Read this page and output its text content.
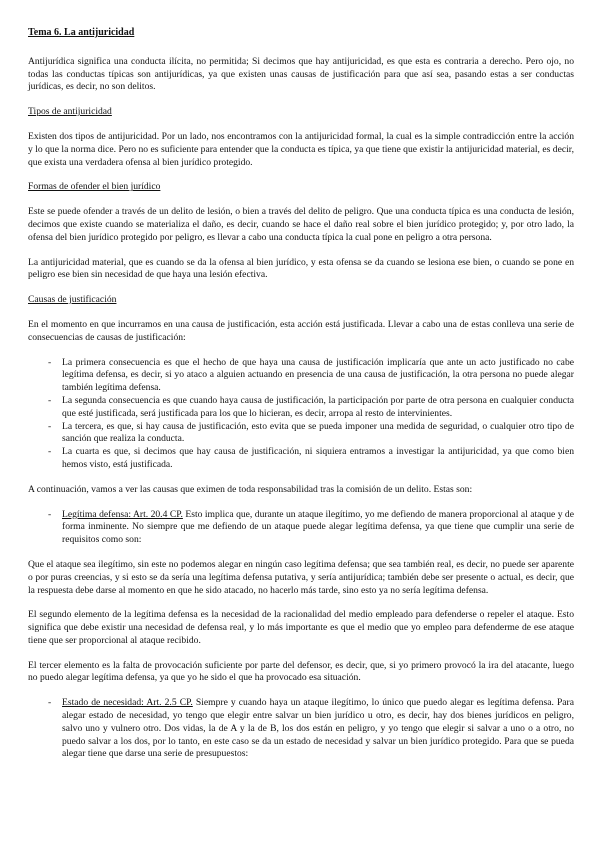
Tema 6. La antijuricidad

Antijurídica significa una conducta ilícita, no permitida; Si decimos que hay antijuricidad, es que esta es contraria a derecho. Pero ojo, no todas las conductas típicas son antijurídicas, ya que existen unas causas de justificación para que así sea, pasando estas a ser conductas jurídicas, es decir, no son delitos.

Tipos de antijuricidad

Existen dos tipos de antijuricidad. Por un lado, nos encontramos con la antijuricidad formal, la cual es la simple contradicción entre la acción y lo que la norma dice. Pero no es suficiente para entender que la conducta es típica, ya que tiene que existir la antijuricidad material, es decir, que exista una verdadera ofensa al bien jurídico protegido.

Formas de ofender el bien jurídico

Este se puede ofender a través de un delito de lesión, o bien a través del delito de peligro. Que una conducta típica es una conducta de lesión, decimos que existe cuando se materializa el daño, es decir, cuando se hace el daño real sobre el bien jurídico protegido; y, por otro lado, la ofensa del bien jurídico protegido por peligro, es llevar a cabo una conducta típica la cual pone en peligro a otra persona.

La antijuricidad material, que es cuando se da la ofensa al bien jurídico, y esta ofensa se da cuando se lesiona ese bien, o cuando se pone en peligro ese bien sin necesidad de que haya una lesión efectiva.

Causas de justificación

En el momento en que incurramos en una causa de justificación, esta acción está justificada. Llevar a cabo una de estas conlleva una serie de consecuencias de causas de justificación:

- La primera consecuencia es que el hecho de que haya una causa de justificación implicaría que ante un acto justificado no cabe legítima defensa, es decir, si yo ataco a alguien actuando en presencia de una causa de justificación, la otra persona no puede alegar también legítima defensa.
- La segunda consecuencia es que cuando haya causa de justificación, la participación por parte de otra persona en cualquier conducta que esté justificada, será justificada para los que lo hicieran, es decir, arropa al resto de intervinientes.
- La tercera, es que, si hay causa de justificación, esto evita que se pueda imponer una medida de seguridad, o cualquier otro tipo de sanción que realiza la conducta.
- La cuarta es que, si decimos que hay causa de justificación, ni siquiera entramos a investigar la antijuricidad, ya que como bien hemos visto, está justificada.

A continuación, vamos a ver las causas que eximen de toda responsabilidad tras la comisión de un delito. Estas son:

- Legítima defensa: Art. 20.4 CP. Esto implica que, durante un ataque ilegítimo, yo me defiendo de manera proporcional al ataque y de forma inminente. No siempre que me defiendo de un ataque puede alegar legítima defensa, ya que tiene que cumplir una serie de requisitos como son:

Que el ataque sea ilegítimo, sin este no podemos alegar en ningún caso legítima defensa; que sea también real, es decir, no puede ser aparente o por puras creencias, y si esto se da sería una legítima defensa putativa, y sería antijurídica; también debe ser presente o actual, es decir, que la respuesta debe darse al momento en que he sido atacado, no hacerlo más tarde, sino esto ya no sería legítima defensa.

El segundo elemento de la legítima defensa es la necesidad de la racionalidad del medio empleado para defenderse o repeler el ataque. Esto significa que debe existir una necesidad de defensa real, y lo más importante es que el medio que yo empleo para defenderme de ese ataque tiene que ser proporcional al ataque recibido.

El tercer elemento es la falta de provocación suficiente por parte del defensor, es decir, que, si yo primero provocó la ira del atacante, luego no puedo alegar legítima defensa, ya que yo he sido el que ha provocado esa situación.

- Estado de necesidad: Art. 2.5 CP. Siempre y cuando haya un ataque ilegítimo, lo único que puedo alegar es legítima defensa. Para alegar estado de necesidad, yo tengo que elegir entre salvar un bien jurídico u otro, es decir, hay dos bienes jurídicos en peligro, salvo uno y vulnero otro. Dos vidas, la de A y la de B, los dos están en peligro, y yo tengo que elegir si salvar a uno o a otro, no puedo salvar a los dos, por lo tanto, en este caso se da un estado de necesidad y salvar un bien jurídico protegido. Para que se pueda alegar tiene que darse una serie de presupuestos:
